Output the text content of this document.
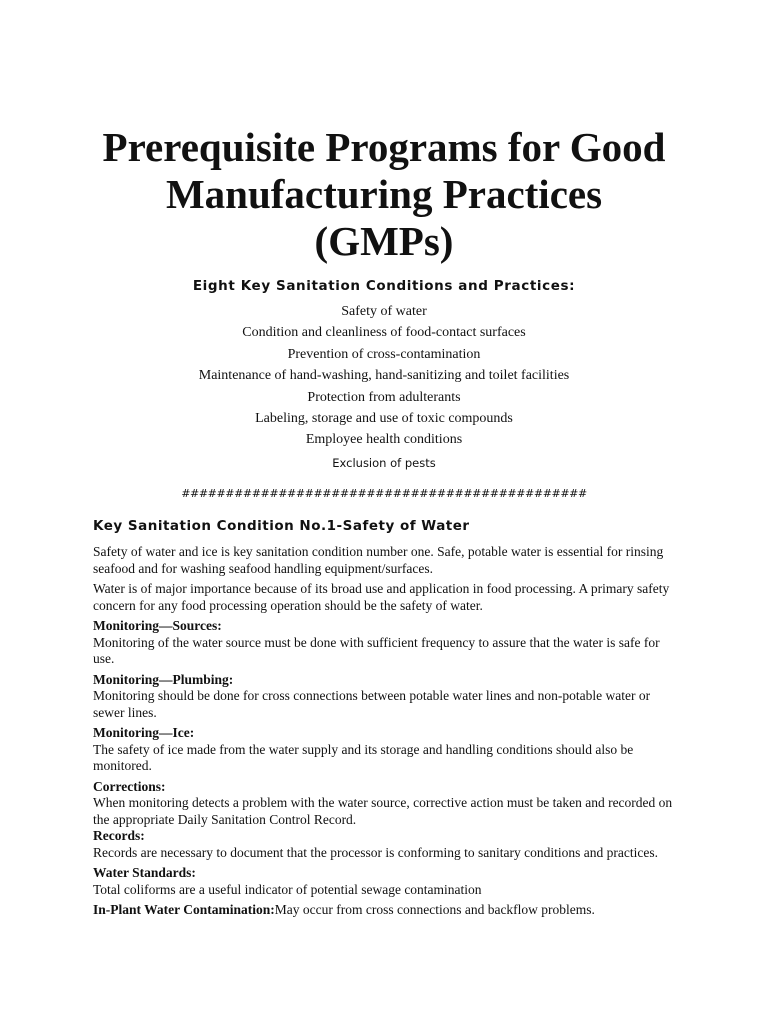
Prerequisite Programs for Good
Manufacturing Practices
(GMPs)
Eight Key Sanitation Conditions and Practices:
Safety of water
Condition and cleanliness of food-contact surfaces
Prevention of cross-contamination
Maintenance of hand-washing, hand-sanitizing and toilet facilities
Protection from adulterants
Labeling, storage and use of toxic compounds
Employee health conditions
Exclusion of pests
##############################################
Key Sanitation Condition No.1-Safety of Water

Safety of water and ice is key sanitation condition number one. Safe, potable water is essential for rinsing seafood and for washing seafood handling equipment/surfaces.

Water is of major importance because of its broad use and application in food processing. A primary safety concern for any food processing operation should be the safety of water.

Monitoring—Sources:
Monitoring of the water source must be done with sufficient frequency to assure that the water is safe for use.

Monitoring—Plumbing:
Monitoring should be done for cross connections between potable water lines and non-potable water or sewer lines.

Monitoring—Ice:
The safety of ice made from the water supply and its storage and handling conditions should also be monitored.

Corrections:
When monitoring detects a problem with the water source, corrective action must be taken and recorded on the appropriate Daily Sanitation Control Record.

Records:
Records are necessary to document that the processor is conforming to sanitary conditions and practices.

Water Standards:
Total coliforms are a useful indicator of potential sewage contamination

In-Plant Water Contamination:May occur from cross connections and backflow problems.
